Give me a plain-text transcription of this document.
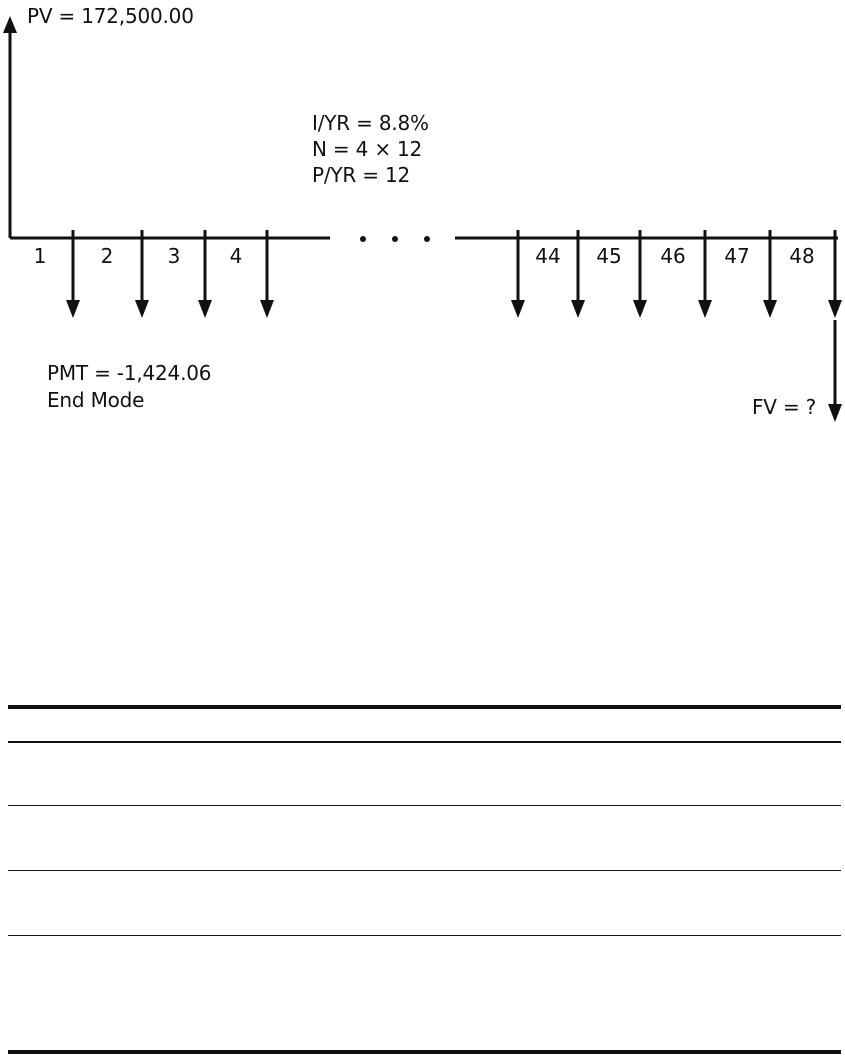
PV = 172,500.00
I/YR = 8.8%
N = 4 × 12
P/YR = 12
PMT = -1,424.06
End Mode	FV = ?
1	2	3	4	44	45	46	47	48
